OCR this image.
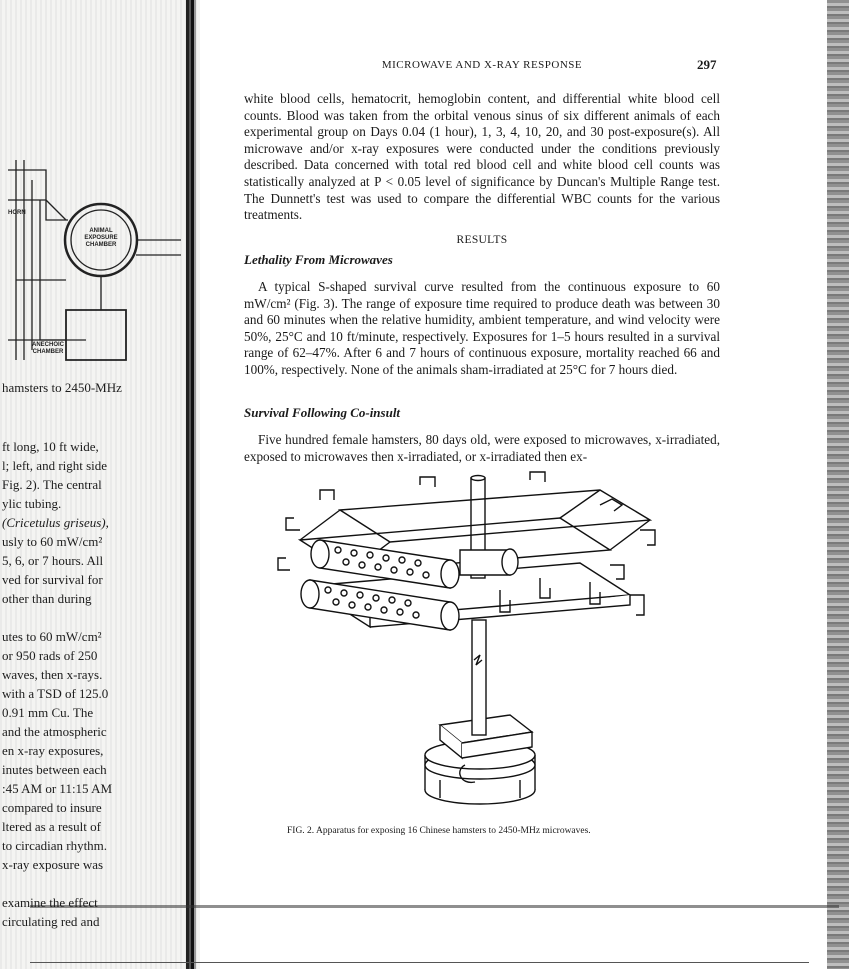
HORN
ANIMAL
EXPOSURE
CHAMBER
ANECHOIC
CHAMBER
hamsters to 2450-MHz
ft long, 10 ft wide,
l; left, and right side
Fig. 2). The central
ylic tubing.
(Cricetulus griseus),
usly to 60 mW/cm²
5, 6, or 7 hours. All
ved for survival for
other than during
utes to 60 mW/cm²
or 950 rads of 250
waves, then x-rays.
with a TSD of 125.0
0.91 mm Cu. The
and the atmospheric
en x-ray exposures,
inutes between each
:45 AM or 11:15 AM
compared to insure
ltered as a result of
to circadian rhythm.
x-ray exposure was
examine the effect
circulating red and
MICROWAVE AND X-RAY RESPONSE	297
white blood cells, hematocrit, hemoglobin content, and differential white blood cell counts. Blood was taken from the orbital venous sinus of six different animals of each experimental group on Days 0.04 (1 hour), 1, 3, 4, 10, 20, and 30 post-exposure(s). All microwave and/or x-ray exposures were conducted under the conditions previously described. Data concerned with total red blood cell and white blood cell counts was statistically analyzed at P < 0.05 level of significance by Duncan's Multiple Range test. The Dunnett's test was used to compare the differential WBC counts for the various treatments.
RESULTS
Lethality From Microwaves
A typical S-shaped survival curve resulted from the continuous exposure to 60 mW/cm² (Fig. 3). The range of exposure time required to produce death was between 30 and 60 minutes when the relative humidity, ambient temperature, and wind velocity were 50%, 25°C and 10 ft/minute, respectively. Exposures for 1–5 hours resulted in a survival range of 62–47%. After 6 and 7 hours of continuous exposure, mortality reached 66 and 100%, respectively. None of the animals sham-irradiated at 25°C for 7 hours died.
Survival Following Co-insult
Five hundred female hamsters, 80 days old, were exposed to microwaves, x-irradiated, exposed to microwaves then x-irradiated, or x-irradiated then ex-
FIG. 2. Apparatus for exposing 16 Chinese hamsters to 2450-MHz microwaves.
